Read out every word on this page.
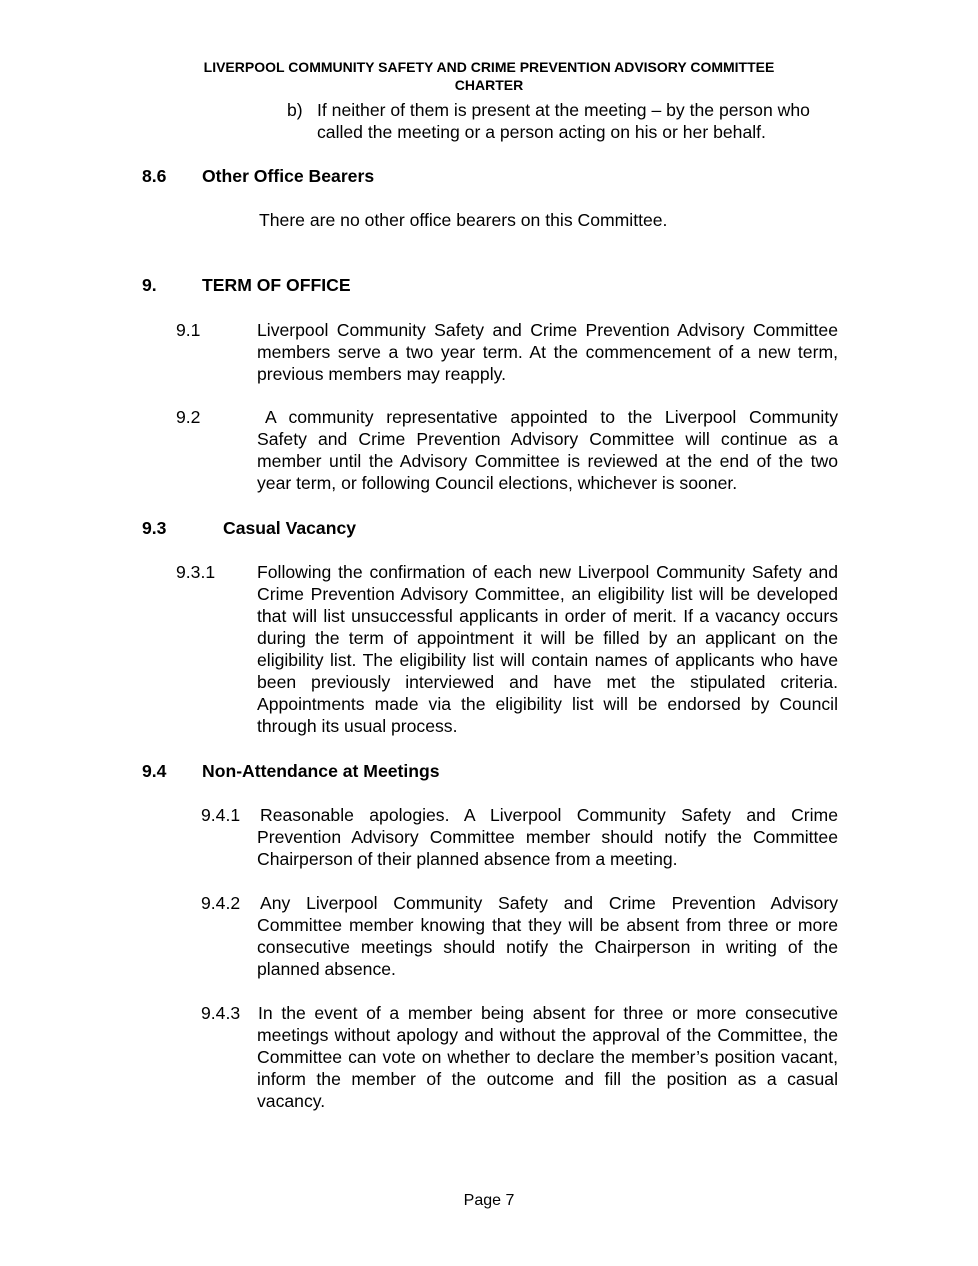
LIVERPOOL COMMUNITY SAFETY AND CRIME PREVENTION ADVISORY COMMITTEE
CHARTER
b) If neither of them is present at the meeting – by the person who called the meeting or a person acting on his or her behalf.
8.6 Other Office Bearers
There are no other office bearers on this Committee.
9.	TERM OF OFFICE
9.1	Liverpool Community Safety and Crime Prevention Advisory Committee members serve a two year term. At the commencement of a new term, previous members may reapply.
9.2	A community representative appointed to the Liverpool Community Safety and Crime Prevention Advisory Committee will continue as a member until the Advisory Committee is reviewed at the end of the two year term, or following Council elections, whichever is sooner.
9.3	Casual Vacancy
9.3.1 Following the confirmation of each new Liverpool Community Safety and Crime Prevention Advisory Committee, an eligibility list will be developed that will list unsuccessful applicants in order of merit. If a vacancy occurs during the term of appointment it will be filled by an applicant on the eligibility list. The eligibility list will contain names of applicants who have been previously interviewed and have met the stipulated criteria. Appointments made via the eligibility list will be endorsed by Council through its usual process.
9.4 Non-Attendance at Meetings
9.4.1 Reasonable apologies. A Liverpool Community Safety and Crime Prevention Advisory Committee member should notify the Committee Chairperson of their planned absence from a meeting.
9.4.2 Any Liverpool Community Safety and Crime Prevention Advisory Committee member knowing that they will be absent from three or more consecutive meetings should notify the Chairperson in writing of the planned absence.
9.4.3 In the event of a member being absent for three or more consecutive meetings without apology and without the approval of the Committee, the Committee can vote on whether to declare the member’s position vacant, inform the member of the outcome and fill the position as a casual vacancy.
Page 7
